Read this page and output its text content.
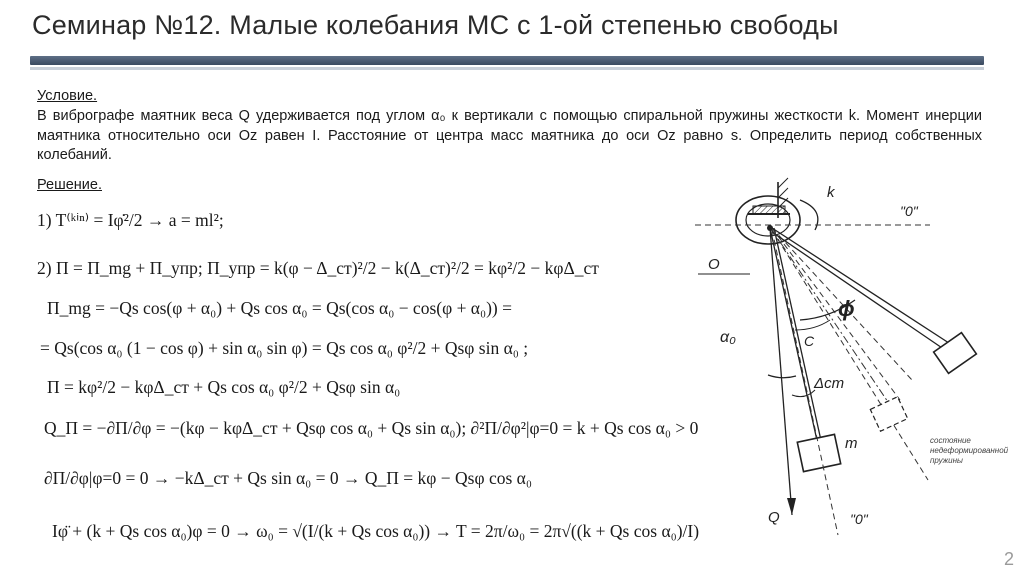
Семинар №12. Малые колебания МС с 1-ой степенью свободы
Условие.
В вибрографе маятник веса Q удерживается под углом α₀ к вертикали с помощью спиральной пружины жесткости k. Момент инерции маятника относительно оси Oz равен I. Расстояние от центра масс маятника до оси Oz равно s. Определить период собственных колебаний.
Решение.
1) T⁽ᵏⁱⁿ⁾ = Iφ̇²/2 → a = ml²;
2) Π = Π_mg + Π_упр; Π_упр = k(φ − Δ_ст)²/2 − k(Δ_ст)²/2 = kφ²/2 − kφΔ_ст
Π_mg = −Qs cos(φ + α₀) + Qs cos α₀ = Qs(cos α₀ − cos(φ + α₀)) =
= Qs(cos α₀ (1 − cos φ) + sin α₀ sin φ) = Qs cos α₀ φ²/2 + Qsφ sin α₀ ;
Π = kφ²/2 − kφΔ_ст + Qs cos α₀ φ²/2 + Qsφ sin α₀
Q_Π = −∂Π/∂φ = −(kφ − kφΔ_ст + Qsφ cos α₀ + Qs sin α₀); ∂²Π/∂φ²|φ=0 = k + Qs cos α₀ > 0
∂Π/∂φ|φ=0 = 0 → −kΔ_ст + Qs sin α₀ = 0 → Q_Π = kφ − Qsφ cos α₀
Iφ̈ + (k + Qs cos α₀)φ = 0 → ω₀ = √(I/(k + Qs cos α₀)) → T = 2π/ω₀ = 2π√((k + Qs cos α₀)/I)
k
"0"
O
Q
m
ϕ
α₀	C
Δст
"0"
состояние недеформированной пружины
2
